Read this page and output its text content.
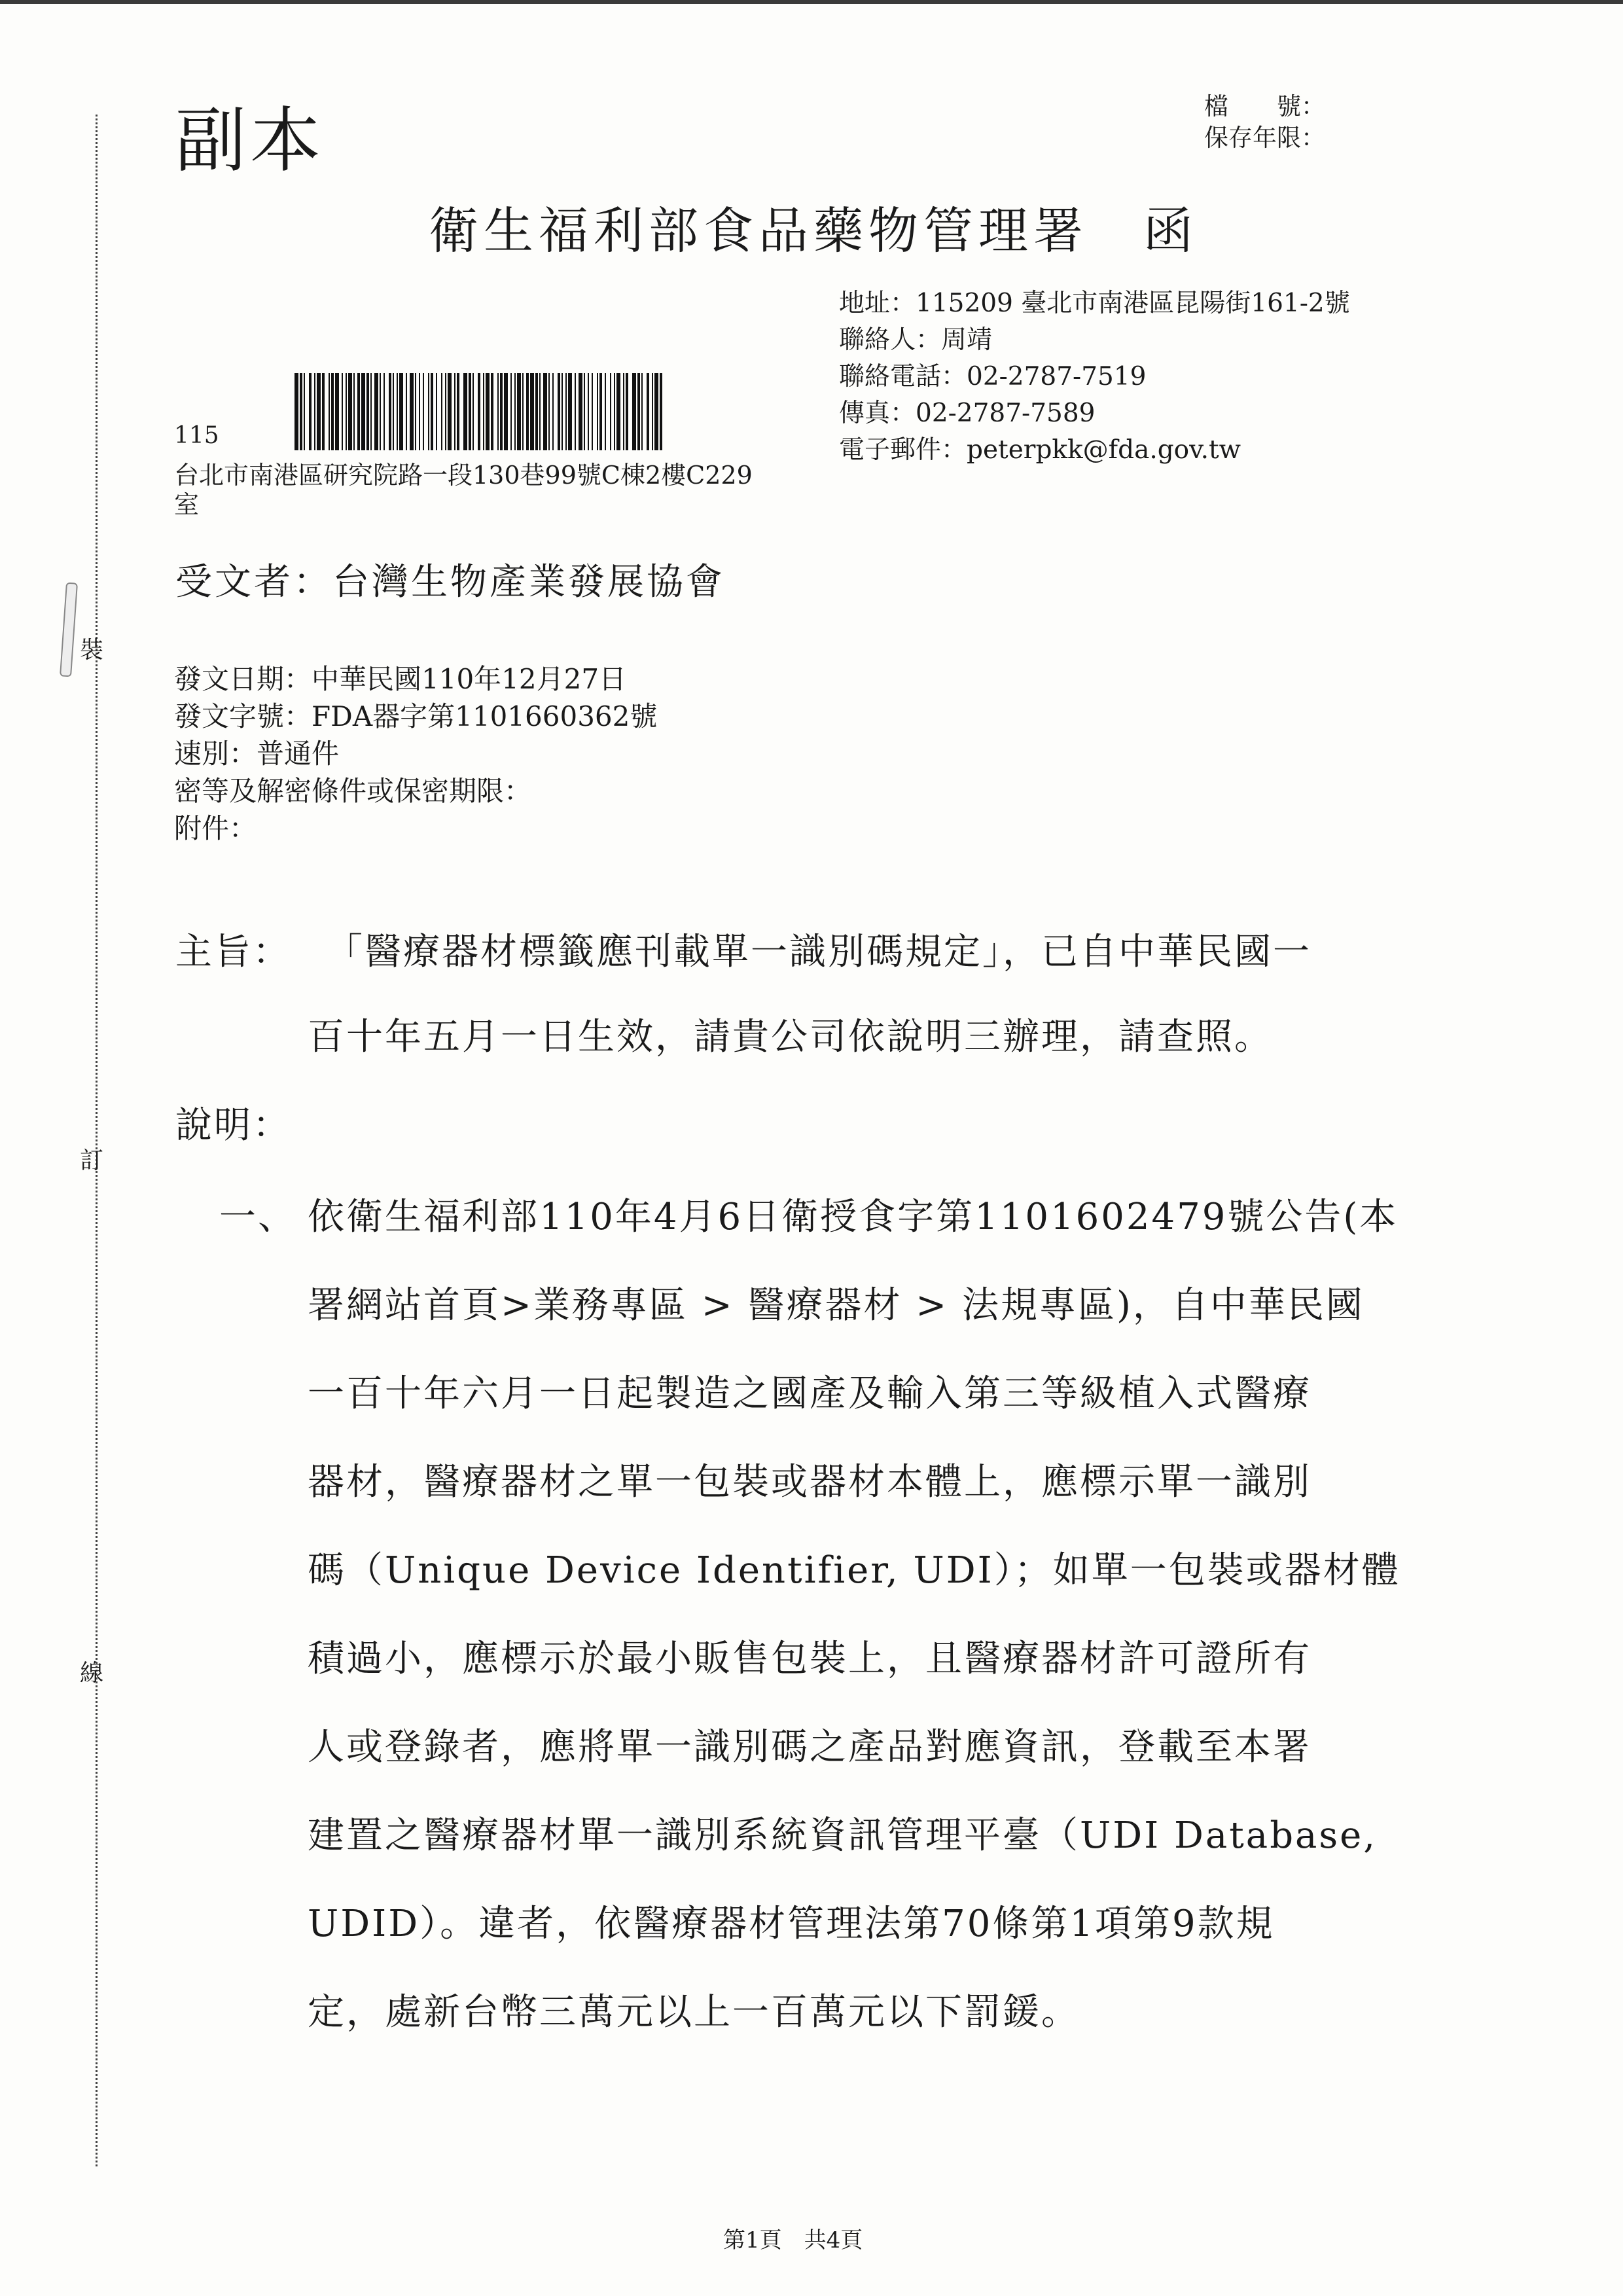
裝
訂
線
副本	檔　　號：
保存年限：
衛生福利部食品藥物管理署　函
地址：115209 臺北市南港區昆陽街161-2號
聯絡人：周靖
聯絡電話：02-2787-7519
傳真：02-2787-7589
電子郵件：peterpkk@fda.gov.tw
115
台北市南港區研究院路一段130巷99號C棟2樓C229
室
受文者：台灣生物產業發展協會
發文日期：中華民國110年12月27日
發文字號：FDA器字第1101660362號
速別：普通件
密等及解密條件或保密期限：
附件：
主旨： 「醫療器材標籤應刊載單一識別碼規定」，已自中華民國一
百十年五月一日生效，請貴公司依說明三辦理，請查照。
說明：
一、 依衛生福利部110年4月6日衛授食字第1101602479號公告(本
署網站首頁>業務專區 > 醫療器材 > 法規專區)，自中華民國
一百十年六月一日起製造之國產及輸入第三等級植入式醫療
器材，醫療器材之單一包裝或器材本體上，應標示單一識別
碼（Unique Device Identifier, UDI）；如單一包裝或器材體
積過小，應標示於最小販售包裝上，且醫療器材許可證所有
人或登錄者，應將單一識別碼之產品對應資訊，登載至本署
建置之醫療器材單一識別系統資訊管理平臺（UDI Database,
UDID）。違者，依醫療器材管理法第70條第1項第9款規
定，處新台幣三萬元以上一百萬元以下罰鍰。
第1頁　共4頁
